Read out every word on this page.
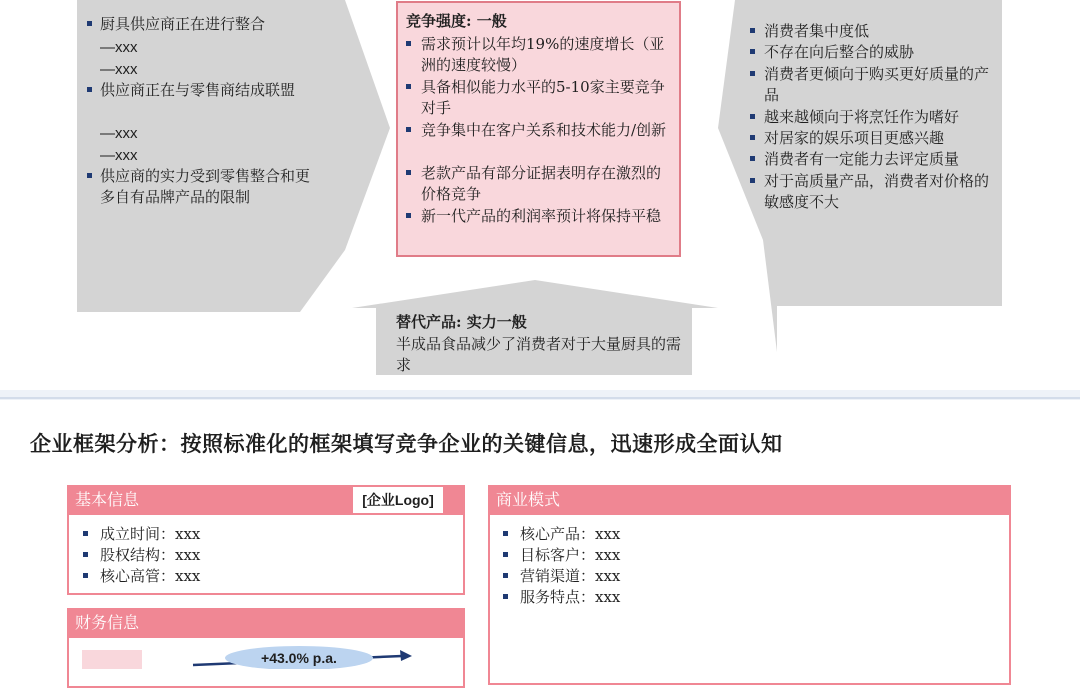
厨具供应商正在进行整合
—xxx
—xxx
供应商正在与零售商结成联盟
—xxx
—xxx
供应商的实力受到零售整合和更多自有品牌产品的限制
竞争强度: 一般
需求预计以年均19%的速度增长（亚洲的速度较慢）
具备相似能力水平的5-10家主要竞争对手
竞争集中在客户关系和技术能力/创新
老款产品有部分证据表明存在激烈的价格竞争
新一代产品的利润率预计将保持平稳
消费者集中度低
不存在向后整合的威胁
消费者更倾向于购买更好质量的产品
越来越倾向于将烹饪作为嗜好
对居家的娱乐项目更感兴趣
消费者有一定能力去评定质量
对于高质量产品，消费者对价格的敏感度不大
替代产品: 实力一般
半成品食品减少了消费者对于大量厨具的需求
企业框架分析：按照标准化的框架填写竞争企业的关键信息，迅速形成全面认知
基本信息	[企业Logo]
成立时间：xxx
股权结构：xxx
核心高管：xxx
商业模式
核心产品：xxx
目标客户：xxx
营销渠道：xxx
服务特点：xxx
财务信息
+43.0% p.a.
